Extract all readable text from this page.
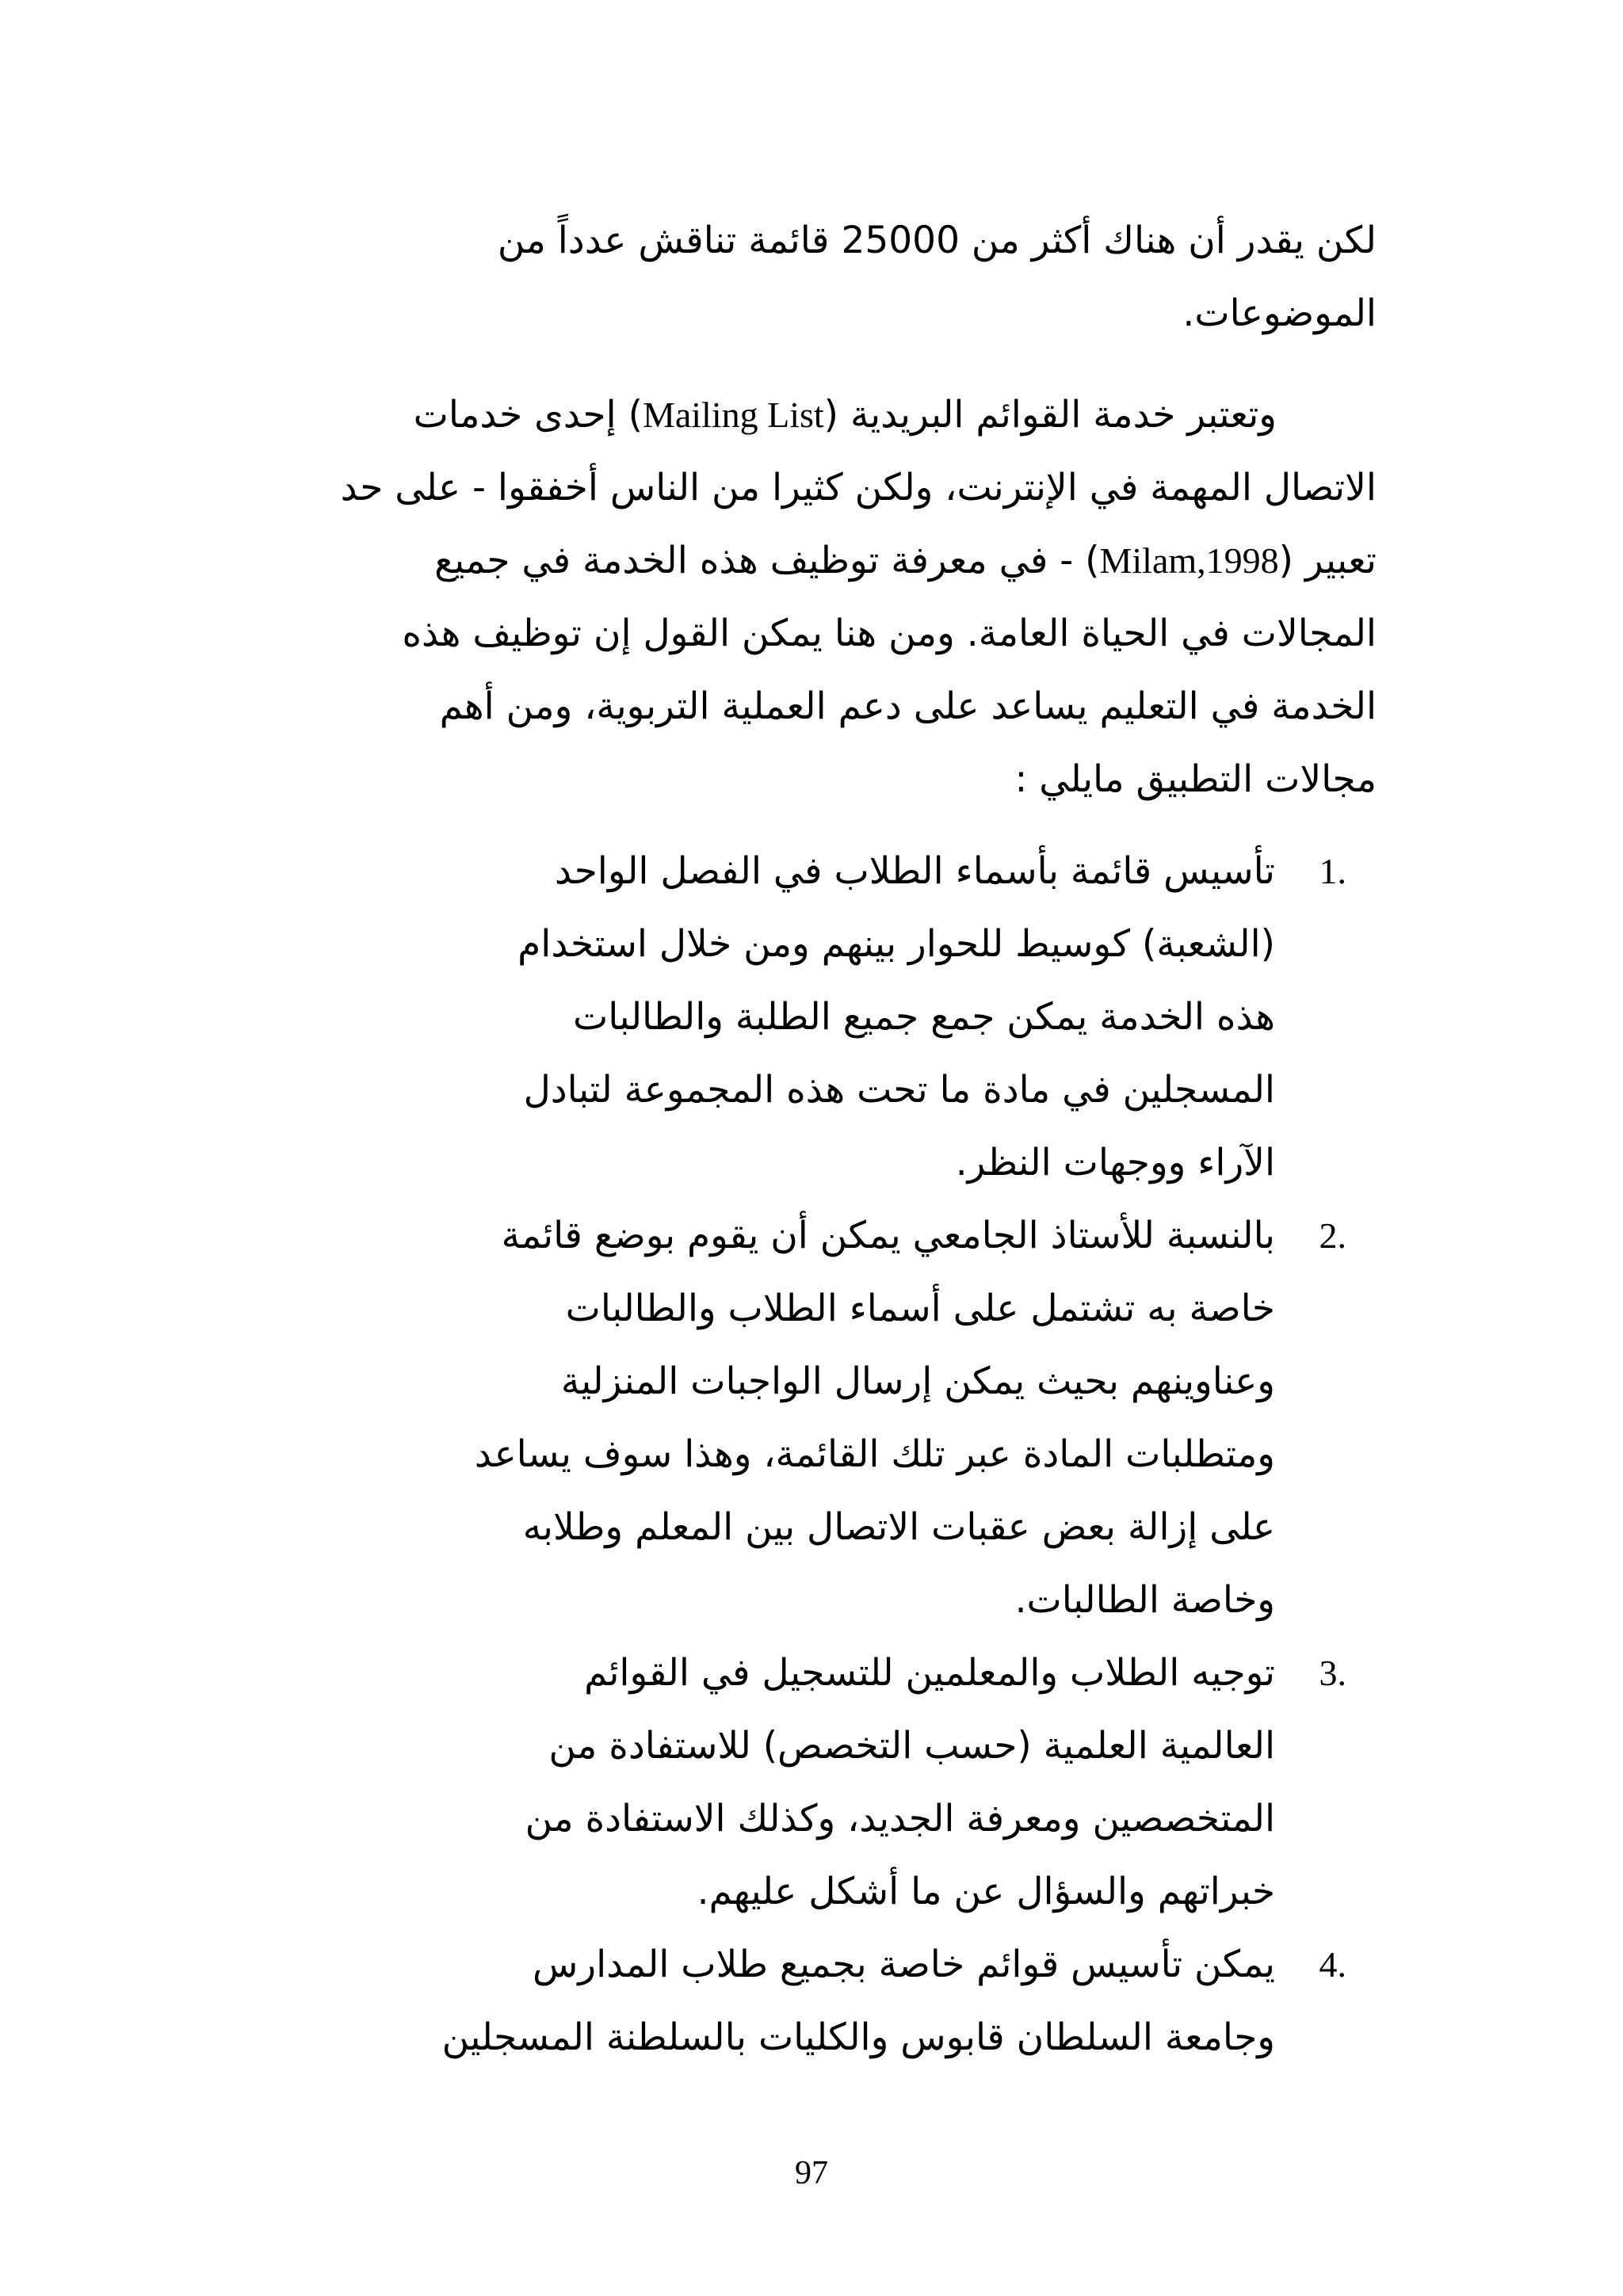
لكن يقدر أن هناك أكثر من 25000 قائمة تناقش عدداً من
الموضوعات.
وتعتبر خدمة القوائم البريدية (Mailing List) إحدى خدمات
الاتصال المهمة في الإنترنت، ولكن كثيرا من الناس أخفقوا - على حد
تعبير (Milam,1998) - في معرفة توظيف هذه الخدمة في جميع
المجالات في الحياة العامة. ومن هنا يمكن القول إن توظيف هذه
الخدمة في التعليم يساعد على دعم العملية التربوية، ومن أهم
مجالات التطبيق مايلي :
1.
تأسيس قائمة بأسماء الطلاب في الفصل الواحد
(الشعبة) كوسيط للحوار بينهم ومن خلال استخدام
هذه الخدمة يمكن جمع جميع الطلبة والطالبات
المسجلين في مادة ما تحت هذه المجموعة لتبادل
الآراء ووجهات النظر.
2.
بالنسبة للأستاذ الجامعي يمكن أن يقوم بوضع قائمة
خاصة به تشتمل على أسماء الطلاب والطالبات
وعناوينهم بحيث يمكن إرسال الواجبات المنزلية
ومتطلبات المادة عبر تلك القائمة، وهذا سوف يساعد
على إزالة بعض عقبات الاتصال بين المعلم وطلابه
وخاصة الطالبات.
3.
توجيه الطلاب والمعلمين للتسجيل في القوائم
العالمية العلمية (حسب التخصص) للاستفادة من
المتخصصين ومعرفة الجديد، وكذلك الاستفادة من
خبراتهم والسؤال عن ما أشكل عليهم.
4.
يمكن تأسيس قوائم خاصة بجميع طلاب المدارس
وجامعة السلطان قابوس والكليات بالسلطنة المسجلين
97
